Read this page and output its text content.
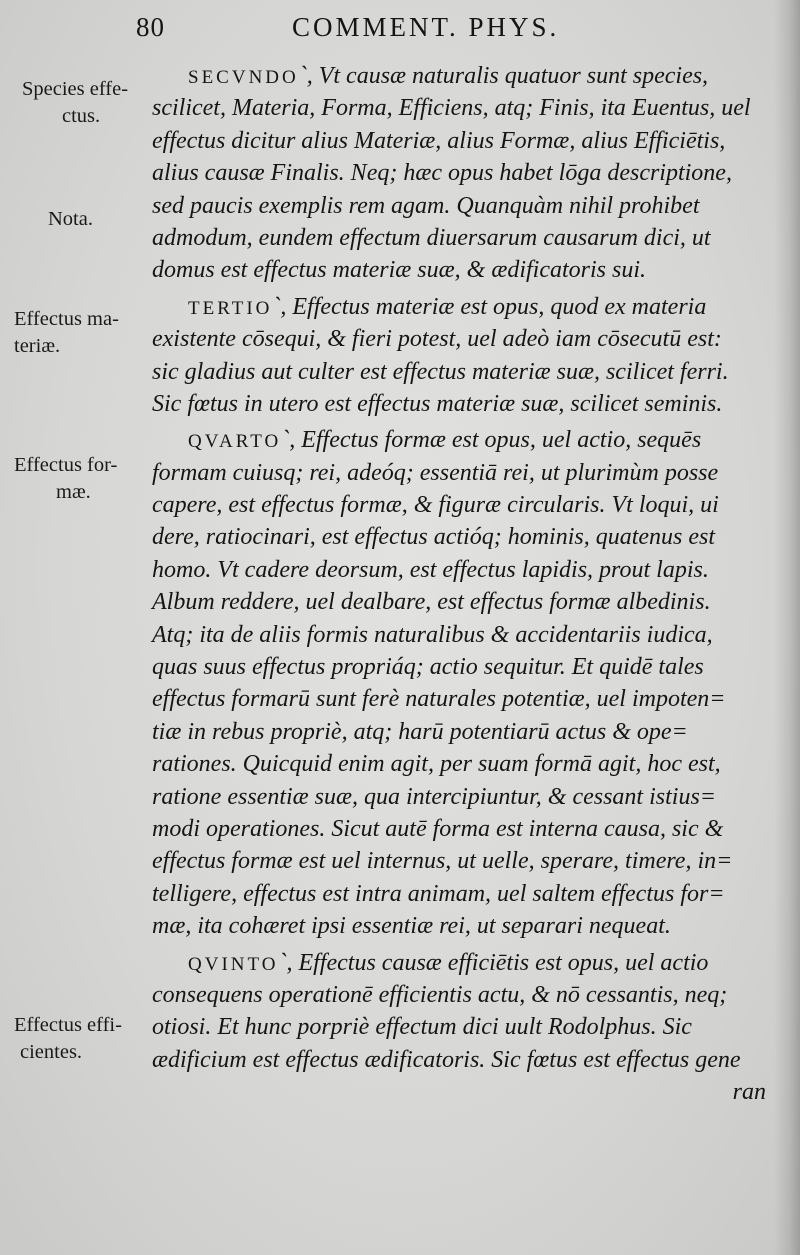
80	COMMENT. PHYS.
Species effe-
ctus.
Nota.
Effectus ma-
teriæ.
Effectus for-
mæ.
Effectus effi-
cientes.
SECVNDO`, Vt causæ naturalis quatuor sunt species,
scilicet, Materia, Forma, Efficiens, atq; Finis, ita Euentus, uel
effectus dicitur alius Materiæ, alius Formæ, alius Efficiētis,
alius causæ Finalis. Neq; hæc opus habet lōga descriptione,
sed paucis exemplis rem agam. Quanquàm nihil prohibet
admodum, eundem effectum diuersarum causarum dici, ut
domus est effectus materiæ suæ, & ædificatoris sui.
TERTIO`, Effectus materiæ est opus, quod ex materia
existente cōsequi, & fieri potest, uel adeò iam cōsecutū est:
sic gladius aut culter est effectus materiæ suæ, scilicet ferri.
Sic fœtus in utero est effectus materiæ suæ, scilicet seminis.
QVARTO`, Effectus formæ est opus, uel actio, sequēs
formam cuiusq; rei, adeóq; essentiā rei, ut plurimùm posse
capere, est effectus formæ, & figuræ circularis. Vt loqui, ui
dere, ratiocinari, est effectus actióq; hominis, quatenus est
homo. Vt cadere deorsum, est effectus lapidis, prout lapis.
Album reddere, uel dealbare, est effectus formæ albedinis.
Atq; ita de aliis formis naturalibus & accidentariis iudica,
quas suus effectus propriáq; actio sequitur. Et quidē tales
effectus formarū sunt ferè naturales potentiæ, uel impoten=
tiæ in rebus propriè, atq; harū potentiarū actus & ope=
rationes. Quicquid enim agit, per suam formā agit, hoc est,
ratione essentiæ suæ, qua intercipiuntur, & cessant istius=
modi operationes. Sicut autē forma est interna causa, sic &
effectus formæ est uel internus, ut uelle, sperare, timere, in=
telligere, effectus est intra animam, uel saltem effectus for=
mæ, ita cohæret ipsi essentiæ rei, ut separari nequeat.
QVINTO`, Effectus causæ efficiētis est opus, uel actio
consequens operationē efficientis actu, & nō cessantis, neq;
otiosi. Et hunc porpriè effectum dici uult Rodolphus. Sic
ædificium est effectus ædificatoris. Sic fœtus est effectus gene
ran
